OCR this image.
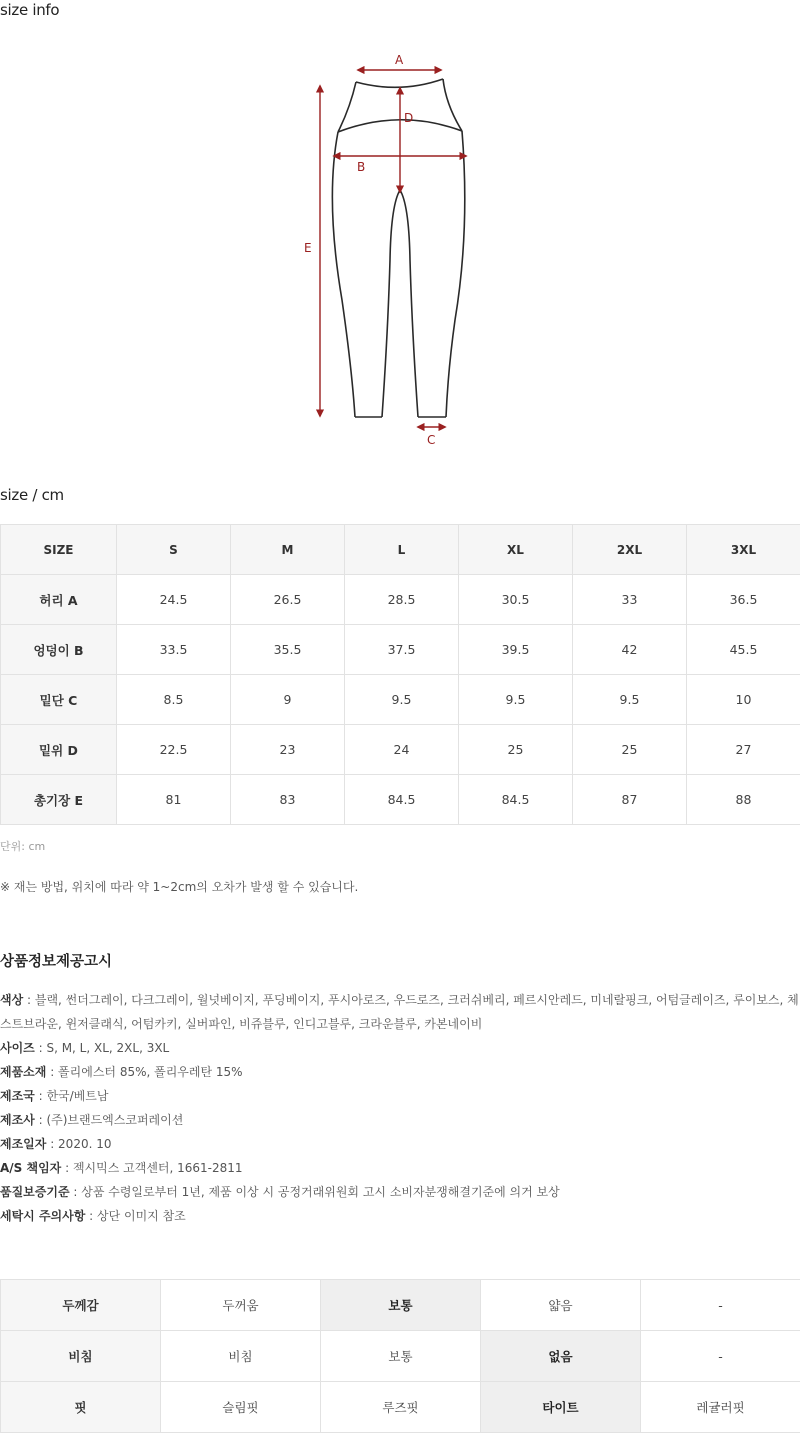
size info
A
B
D
E
C
size / cm
SIZE	S	M	L	XL	2XL	3XL
허리 A	24.5	26.5	28.5	30.5	33	36.5
엉덩이 B	33.5	35.5	37.5	39.5	42	45.5
밑단 C	8.5	9	9.5	9.5	9.5	10
밑위 D	22.5	23	24	25	25	27
총기장 E	81	83	84.5	84.5	87	88

단위: cm

※ 재는 방법, 위치에 따라 약 1~2cm의 오차가 발생 할 수 있습니다.

상품정보제공고시
색상 : 블랙, 썬더그레이, 다크그레이, 월넛베이지, 푸딩베이지, 푸시아로즈, 우드로즈, 크러쉬베리, 페르시안레드, 미네랄핑크, 어텀글레이즈, 루이보스, 체스트브라운, 윈저클래식, 어텀카키, 실버파인, 비쥬블루, 인디고블루, 크라운블루, 카본네이비
사이즈 : S, M, L, XL, 2XL, 3XL
제품소재 : 폴리에스터 85%, 폴리우레탄 15%
제조국 : 한국/베트남
제조사 : (주)브랜드엑스코퍼레이션
제조일자 : 2020. 10
A/S 책임자 : 젝시믹스 고객센터, 1661-2811
품질보증기준 : 상품 수령일로부터 1년, 제품 이상 시 공정거래위원회 고시 소비자분쟁해결기준에 의거 보상
세탁시 주의사항 : 상단 이미지 참조
두께감	두꺼움	보통	얇음	-
비침	비침	보통	없음	-
핏	슬림핏	루즈핏	타이트	레귤러핏
